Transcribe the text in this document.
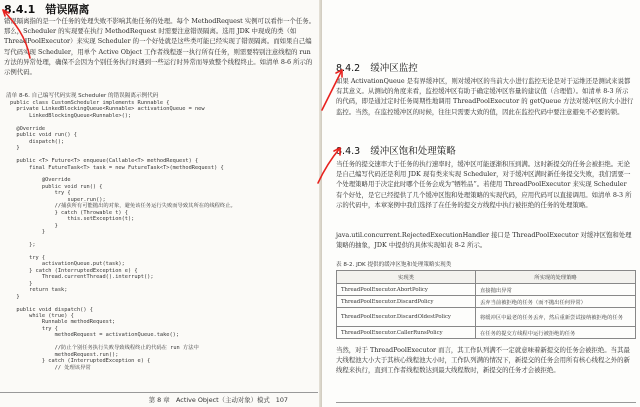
8.4.1 错误隔离
错误隔离指的是一个任务的处理失败不影响其他任务的处理。每个 MethodRequest 实例可以看作一个任务。那么，Scheduler 的实现要在执行 MethodRequest 时需要注意错误隔离。选用 JDK 中现成的类（如 ThreadPoolExecutor）来实现 Scheduler 的一个好处就是这些类可能已经实现了错误隔离。而如果自己编写代码实现 Scheduler，用单个 Active Object 工作者线程逐一执行所有任务，则需要特别注意线程的 run 方法的异常处理，确保不会因为个别任务执行时遇到一些运行时异常而导致整个线程终止。如清单 8-6 所示的示例代码。
清单 8-6. 自己编写代码实现 Scheduler 的错误隔离示例代码
public class CustomScheduler implements Runnable {
private LinkedBlockingQueue<Runnable> activationQueue = new
LinkedBlockingQueue<Runnable>();

@Override
public void run() {
dispatch();
}

public <T> Future<T> enqueue(Callable<T> methodRequest) {
final FutureTask<T> task = new FutureTask<T>(methodRequest) {

@Override
public void run() {
try {
super.run();
//捕获所有可能抛出的对象，避免该任务运行失败而导致其所在的线程终止。
} catch (Throwable t) {
this.setException(t);
}
}

};

try {
activationQueue.put(task);
} catch (InterruptedException e) {
Thread.currentThread().interrupt();
}
return task;
}

public void dispatch() {
while (true) {
Runnable methodRequest;
try {
methodRequest = activationQueue.take();

//防止个别任务执行失败导致线程终止的代码在 run 方法中
methodRequest.run();
} catch (InterruptedException e) {
// 处理该异常
第 8 章　Active Object（主动对象）模式 107
8.4.2 缓冲区监控
如果 ActivationQueue 是有界缓冲区，则对缓冲区的当前大小进行监控无论是对于运维还是测试来说都有其意义。从测试的角度来看，监控缓冲区有助于确定缓冲区容量的建议值（合理值）。如清单 8-3 所示的代码，即是通过定时任务周期性地调用 ThreadPoolExecutor 的 getQueue 方法对缓冲区的大小进行监控。当然，在监控缓冲区的时候，往往只需要大致的值，因此在监控代码中要注意避免不必要的锁。
8.4.3 缓冲区饱和处理策略
当任务的提交速率大于任务的执行速率时，缓冲区可能逐渐积压到满。这时新提交的任务会被拒绝。无论是自己编写代码还是利用 JDK 现有类来实现 Scheduler，对于缓冲区满时新任务提交失败，我们需要一个处理策略用于决定此时哪个任务会成为“牺牲品”。若使用 ThreadPoolExecutor 来实现 Scheduler 有个好处，是它已经提供了几个缓冲区饱和处理策略的实现代码，应用代码可以直接调用。如清单 8-3 所示的代码中，本章案例中我们选择了在任务的提交方线程中执行被拒绝的任务的处理策略。
java.util.concurrent.RejectedExecutionHandler 接口是 ThreadPoolExecutor 对缓冲区饱和处理策略的抽象，JDK 中提供的具体实现如表 8-2 所示。
表 8-2. JDK 提供的缓冲区饱和处理策略实现类
实现类	所实现的处理策略
ThreadPoolExecutor.AbortPolicy	直接抛出异常
ThreadPoolExecutor.DiscardPolicy	丢弃当前被拒绝的任务（而不抛出任何异常）
ThreadPoolExecutor.DiscardOldestPolicy	将缓冲区中最老的任务丢弃，然后重新尝试接纳被拒绝的任务
ThreadPoolExecutor.CallerRunsPolicy	在任务的提交方线程中运行被拒绝的任务
当然，对于 ThreadPoolExecutor 而言，其工作队列满不一定就意味着新提交的任务会被拒绝。当其最大线程池大小大于其核心线程池大小时，工作队列满的情况下，新提交的任务会用所有核心线程之外的新线程来执行，直到工作者线程数达到最大线程数时，新提交的任务才会被拒绝。
